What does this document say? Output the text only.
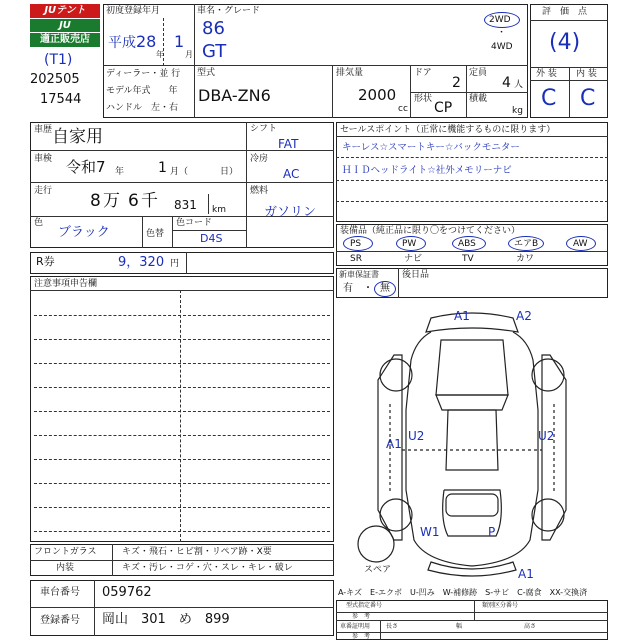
JUテント
JU
適正販売店
(T1)
202505
17544
初度登録年月
平成 28
年
1
月
車名・グレード
86
GT
2WD
・
4WD
ディーラー・並 行
モデル年式　　年
ハンドル　左・右
型式
DBA-ZN6
排気量
2000
cc
ドア
2
定員
4 人
形状
CP
積載
kg
評　価　点
(4)
外 装 内 装
C C
車歴 自家用
車検 令和7 年 1 月（	日）
走行 8 万 6 千 831 km
色
ブラック	色替
色コード
D4S
シフト
FAT
冷房
AC
燃料
ガソリン
R券	9，320 円
セールスポイント（正常に機能するものに限ります）
キーレス☆スマートキー☆バックモニター
ＨＩＤヘッドライト☆社外メモリーナビ
装備品（純正品に限り〇をつけてください）
PS	PW	ABS	エアB	AW
SR	ナビ	TV	カワ
新車保証書
有　・ 無
後日品
注意事項申告欄
A1	A2
A1
U2	U2
W1	P
A1
スペア
フロントガラス	キズ・飛石・ヒビ割・リペア跡・X要
内装	キズ・汚レ・コゲ・穴・スレ・キレ・破レ
車台番号 059762
登録番号 岡山　301　め　899
A-キズ　E-エクボ　U-凹み　W-補修跡　S-サビ　C-腐食　XX-交換済
型式指定番号	類別区分番号
参　考
車番証明用	長さ	幅	高さ
参　考
